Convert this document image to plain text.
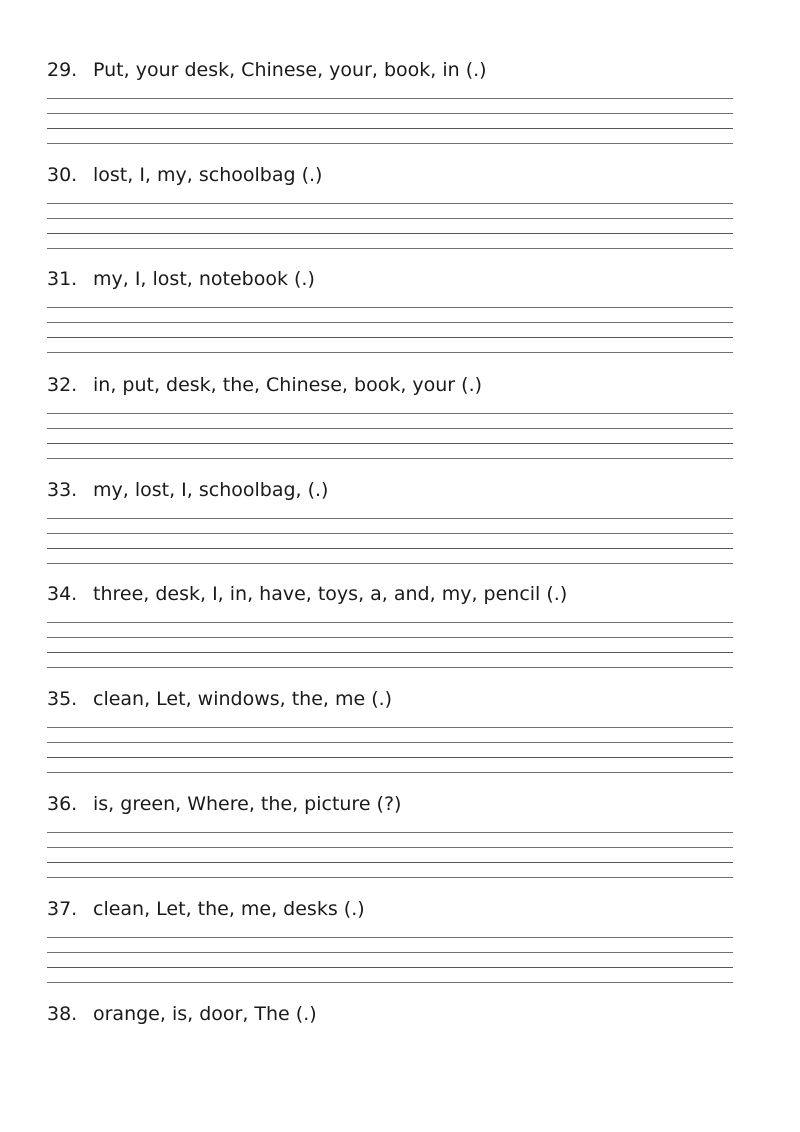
29. Put, your desk, Chinese, your, book, in (.)
30. lost, I, my, schoolbag (.)
31. my, I, lost, notebook (.)
32. in, put, desk, the, Chinese, book, your (.)
33. my, lost, I, schoolbag, (.)
34. three, desk, I, in, have, toys, a, and, my, pencil (.)
35. clean, Let, windows, the, me (.)
36. is, green, Where, the, picture (?)
37. clean, Let, the, me, desks (.)
38. orange, is, door, The (.)
